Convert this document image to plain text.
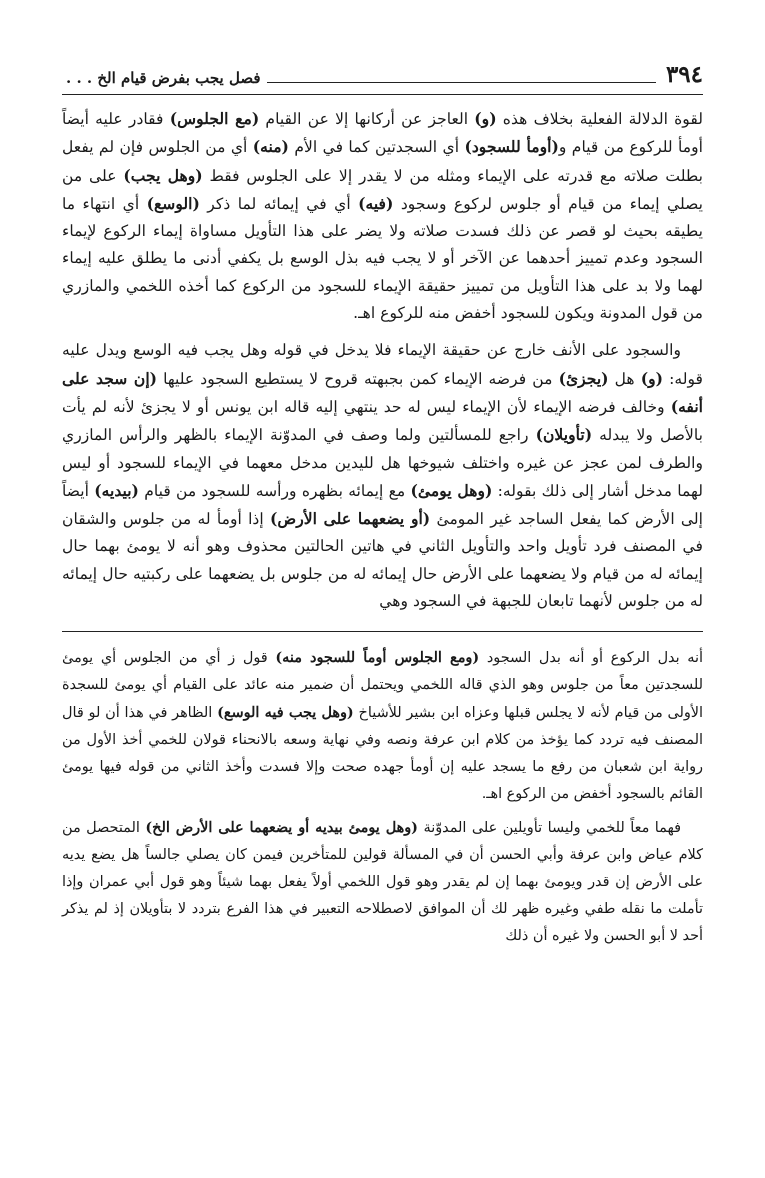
٣٩٤
فصل يجب بفرض قيام الخ . . .

لقوة الدلالة الفعلية بخلاف هذه (و) العاجز عن أركانها إلا عن القيام (مع الجلوس) فقادر عليه أيضاً أومأ للركوع من قيام و(أومأ للسجود) أي السجدتين كما في الأم (منه) أي من الجلوس فإن لم يفعل بطلت صلاته مع قدرته على الإيماء ومثله من لا يقدر إلا على الجلوس فقط (وهل يجب) على من يصلي إيماء من قيام أو جلوس لركوع وسجود (فيه) أي في إيمائه لما ذكر (الوسع) أي انتهاء ما يطيقه بحيث لو قصر عن ذلك فسدت صلاته ولا يضر على هذا التأويل مساواة إيماء الركوع لإيماء السجود وعدم تمييز أحدهما عن الآخر أو لا يجب فيه بذل الوسع بل يكفي أدنى ما يطلق عليه إيماء لهما ولا بد على هذا التأويل من تمييز حقيقة الإيماء للسجود من الركوع كما أخذه اللخمي والمازري من قول المدونة ويكون للسجود أخفض منه للركوع اهـ.

والسجود على الأنف خارج عن حقيقة الإيماء فلا يدخل في قوله وهل يجب فيه الوسع ويدل عليه قوله: (و) هل (يجزئ) من فرضه الإيماء كمن بجبهته قروح لا يستطيع السجود عليها (إن سجد على أنفه) وخالف فرضه الإيماء لأن الإيماء ليس له حد ينتهي إليه قاله ابن يونس أو لا يجزئ لأنه لم يأت بالأصل ولا يبدله (تأويلان) راجع للمسألتين ولما وصف في المدوّنة الإيماء بالظهر والرأس المازري والطرف لمن عجز عن غيره واختلف شيوخها هل لليدين مدخل معهما في الإيماء للسجود أو ليس لهما مدخل أشار إلى ذلك بقوله: (وهل يومئ) مع إيمائه بظهره ورأسه للسجود من قيام (بيديه) أيضاً إلى الأرض كما يفعل الساجد غير المومئ (أو يضعهما على الأرض) إذا أومأ له من جلوس والشقان في المصنف فرد تأويل واحد والتأويل الثاني في هاتين الحالتين محذوف وهو أنه لا يومئ بهما حال إيمائه له من قيام ولا يضعهما على الأرض حال إيمائه له من جلوس بل يضعهما على ركبتيه حال إيمائه له من جلوس لأنهما تابعان للجبهة في السجود وهي

أنه بدل الركوع أو أنه بدل السجود (ومع الجلوس أوماً للسجود منه) قول ز أي من الجلوس أي يومئ للسجدتين معاً من جلوس وهو الذي قاله اللخمي ويحتمل أن ضمير منه عائد على القيام أي يومئ للسجدة الأولى من قيام لأنه لا يجلس قبلها وعزاه ابن بشير للأشياخ (وهل يجب فيه الوسع) الظاهر في هذا أن لو قال المصنف فيه تردد كما يؤخذ من كلام ابن عرفة ونصه وفي نهاية وسعه بالانحناء قولان للخمي أخذ الأول من رواية ابن شعبان من رفع ما يسجد عليه إن أومأ جهده صحت وإلا فسدت وأخذ الثاني من قوله فيها يومئ القائم بالسجود أخفض من الركوع اهـ.

فهما معاً للخمي وليسا تأويلين على المدوّنة (وهل يومئ بيديه أو يضعهما على الأرض الخ) المتحصل من كلام عياض وابن عرفة وأبي الحسن أن في المسألة قولين للمتأخرين فيمن كان يصلي جالساً هل يضع يديه على الأرض إن قدر ويومئ بهما إن لم يقدر وهو قول اللخمي أولاً يفعل بهما شيئاً وهو قول أبي عمران وإذا تأملت ما نقله طفي وغيره ظهر لك أن الموافق لاصطلاحه التعبير في هذا الفرع بتردد لا بتأويلان إذ لم يذكر أحد لا أبو الحسن ولا غيره أن ذلك
